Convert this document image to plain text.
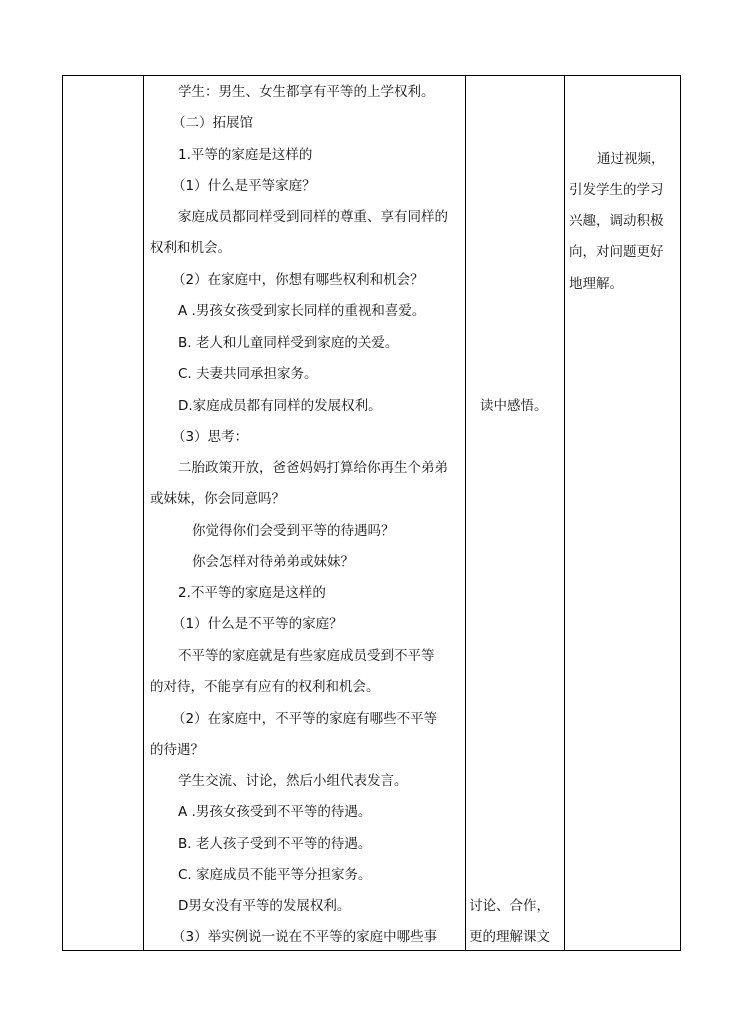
学生：男生、女生都享有平等的上学权利。
（二）拓展馆
1.平等的家庭是这样的
（1）什么是平等家庭？
家庭成员都同样受到同样的尊重、享有同样的
权利和机会。
（2）在家庭中，你想有哪些权利和机会？
A .男孩女孩受到家长同样的重视和喜爱。
B. 老人和儿童同样受到家庭的关爱。
C. 夫妻共同承担家务。
D.家庭成员都有同样的发展权利。
（3）思考：
二胎政策开放，爸爸妈妈打算给你再生个弟弟
或妹妹，你会同意吗？
你觉得你们会受到平等的待遇吗？
你会怎样对待弟弟或妹妹？
2.不平等的家庭是这样的
（1）什么是不平等的家庭？
不平等的家庭就是有些家庭成员受到不平等
的对待，不能享有应有的权利和机会。
（2）在家庭中，不平等的家庭有哪些不平等
的待遇？
学生交流、讨论，然后小组代表发言。
A .男孩女孩受到不平等的待遇。
B. 老人孩子受到不平等的待遇。
C. 家庭成员不能平等分担家务。
D男女没有平等的发展权利。
（3）举实例说一说在不平等的家庭中哪些事
读中感悟。
讨论、合作，
更的理解课文
通过视频，
引发学生的学习
兴趣，调动积极
向，对问题更好
地理解。
